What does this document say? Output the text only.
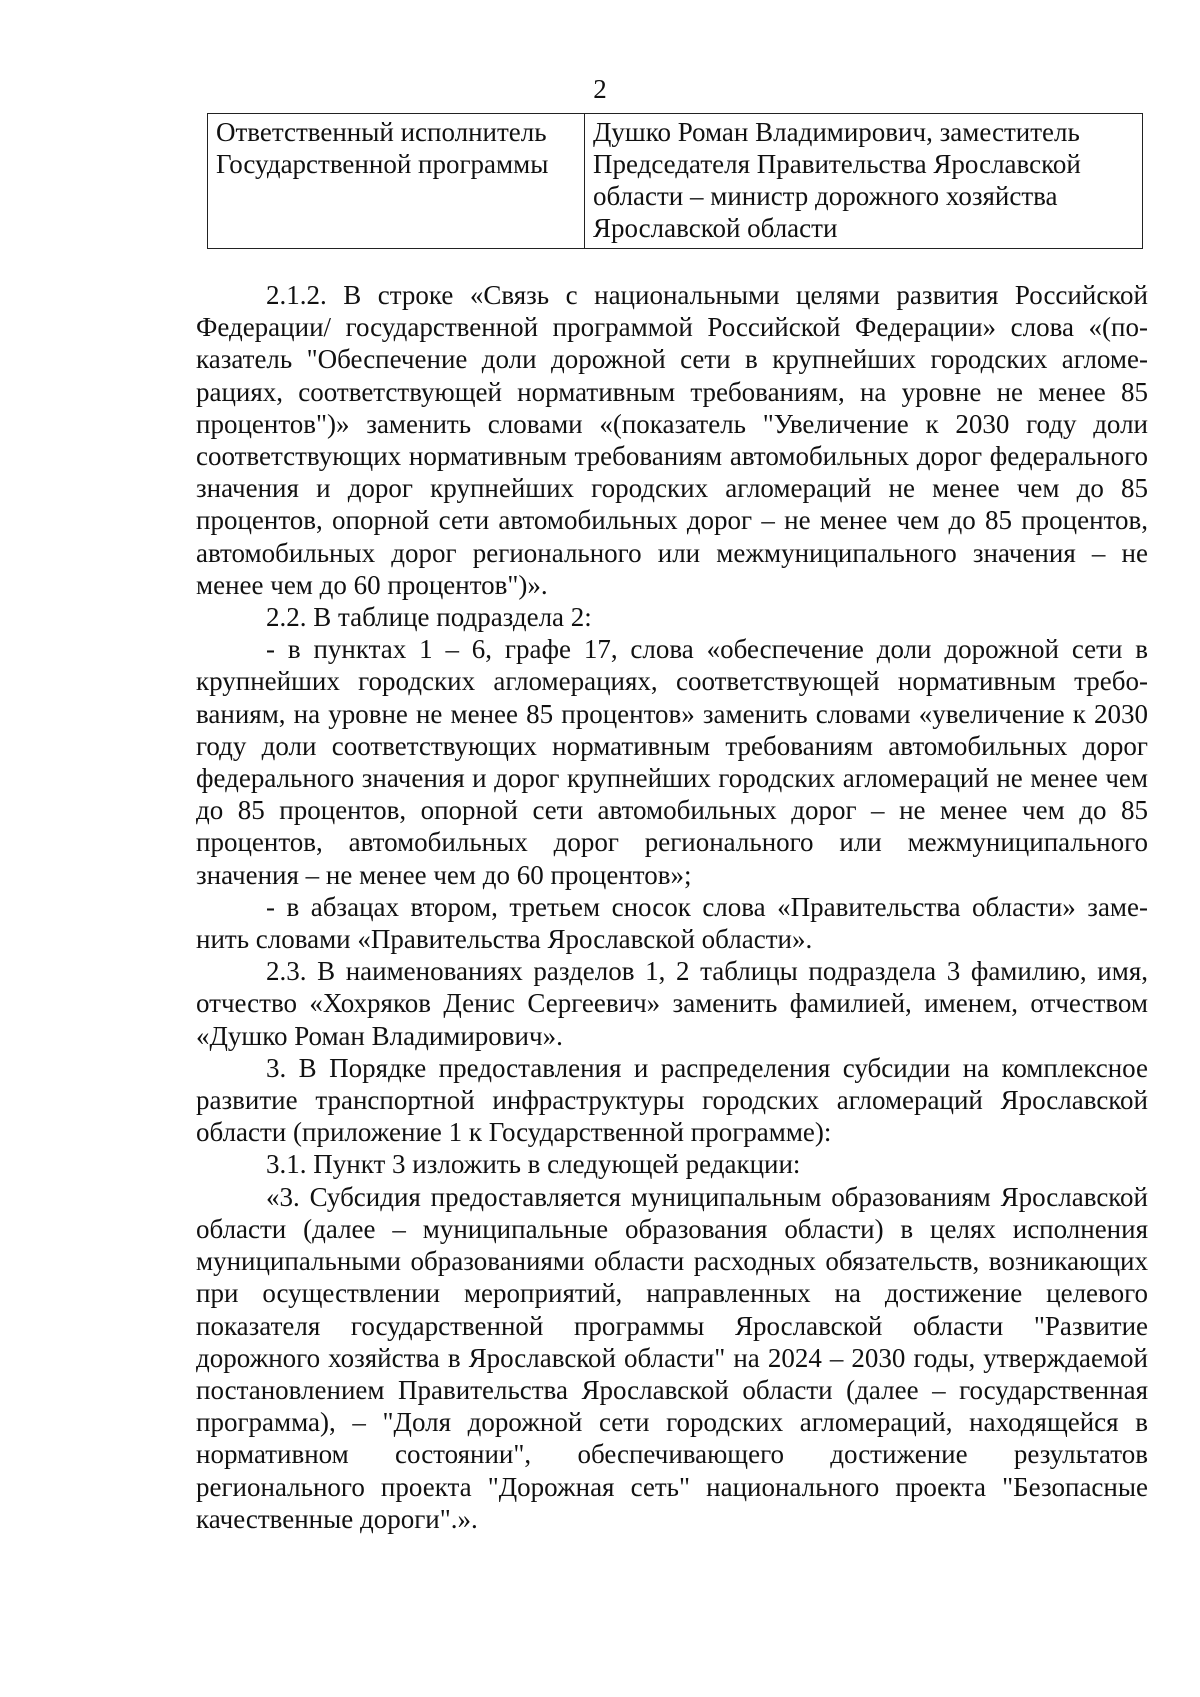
2
Ответственный исполнитель Государственной программы	Душко Роман Владимирович, заместитель Председателя Правительства Ярославской области – министр дорожного хозяйства Ярославской области

2.1.2. В строке «Связь с национальными целями развития Российской Федерации/ государственной программой Российской Федерации» слова «(показатель "Обеспечение доли дорожной сети в крупнейших городских агломерациях, соответствующей нормативным требованиям, на уровне не менее 85 процентов")» заменить словами «(показатель "Увеличение к 2030 году доли соответствующих нормативным требованиям автомобильных дорог федерального значения и дорог крупнейших городских агломераций не менее чем до 85 процентов, опорной сети автомобильных дорог – не менее чем до 85 процентов, автомобильных дорог регионального или межмуниципального значения – не менее чем до 60 процентов")».

2.2. В таблице подраздела 2:

- в пунктах 1 – 6, графе 17, слова «обеспечение доли дорожной сети в крупнейших городских агломерациях, соответствующей нормативным требованиям, на уровне не менее 85 процентов» заменить словами «увеличение к 2030 году доли соответствующих нормативным требованиям автомобильных дорог федерального значения и дорог крупнейших городских агломераций не менее чем до 85 процентов, опорной сети автомобильных дорог – не менее чем до 85 процентов, автомобильных дорог регионального или межмуниципального значения – не менее чем до 60 процентов»;

- в абзацах втором, третьем сносок слова «Правительства области» заменить словами «Правительства Ярославской области».

2.3. В наименованиях разделов 1, 2 таблицы подраздела 3 фамилию, имя, отчество «Хохряков Денис Сергеевич» заменить фамилией, именем, отчеством «Душко Роман Владимирович».

3. В Порядке предоставления и распределения субсидии на комплексное развитие транспортной инфраструктуры городских агломераций Ярославской области (приложение 1 к Государственной программе):

3.1. Пункт 3 изложить в следующей редакции:

«3. Субсидия предоставляется муниципальным образованиям Ярославской области (далее – муниципальные образования области) в целях исполнения муниципальными образованиями области расходных обязательств, возникающих при осуществлении мероприятий, направленных на достижение целевого показателя государственной программы Ярославской области "Развитие дорожного хозяйства в Ярославской области" на 2024 – 2030 годы, утверждаемой постановлением Правительства Ярославской области (далее – государственная программа), – "Доля дорожной сети городских агломераций, находящейся в нормативном состоянии", обеспечивающего достижение результатов регионального проекта "Дорожная сеть" национального проекта "Безопасные качественные дороги".».
